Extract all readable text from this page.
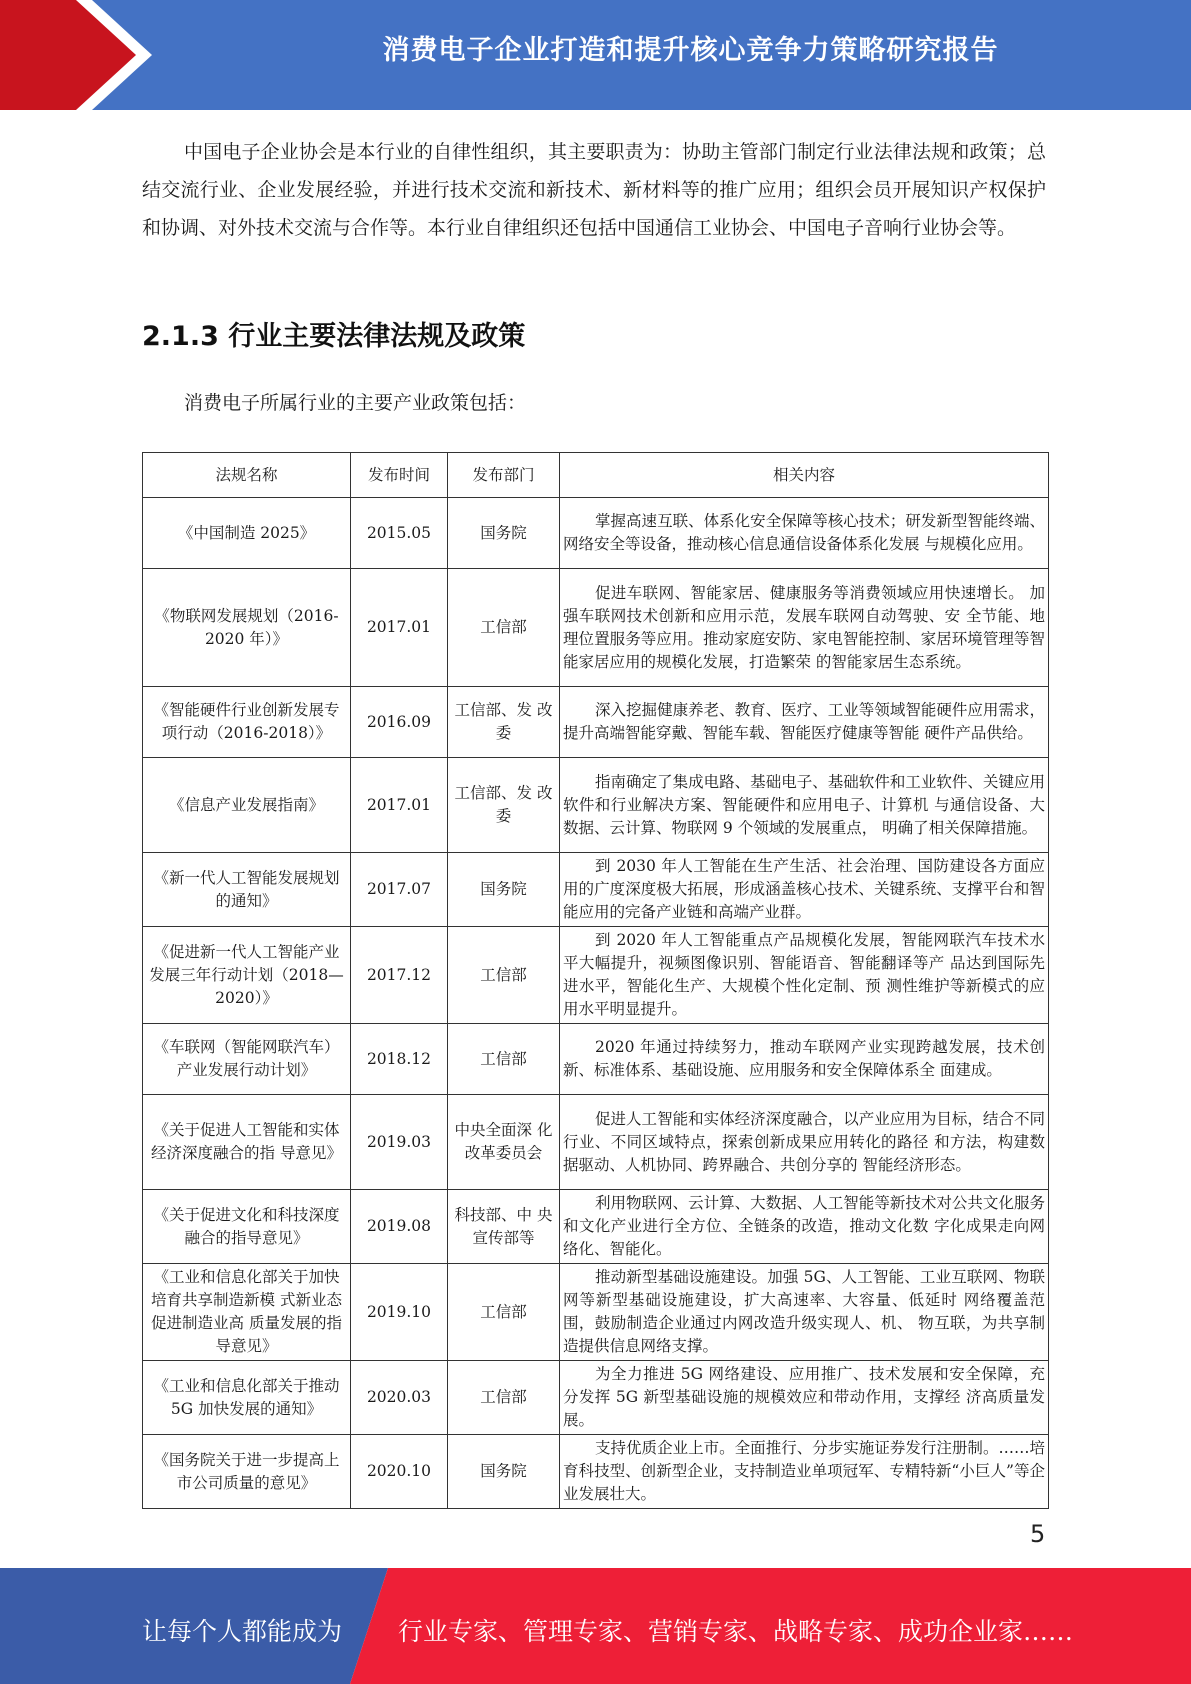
消费电子企业打造和提升核心竞争力策略研究报告
中国电子企业协会是本行业的自律性组织，其主要职责为：协助主管部门制定行业法律法规和政策；总结交流行业、企业发展经验，并进行技术交流和新技术、新材料等的推广应用；组织会员开展知识产权保护和协调、对外技术交流与合作等。本行业自律组织还包括中国通信工业协会、中国电子音响行业协会等。
2.1.3 行业主要法律法规及政策
消费电子所属行业的主要产业政策包括：
法规名称	发布时间	发布部门	相关内容
《中国制造 2025》	2015.05	国务院	掌握高速互联、体系化安全保障等核心技术；研发新型智能终端、网络安全等设备，推动核心信息通信设备体系化发展 与规模化应用。
《物联网发展规划（2016-2020 年）》	2017.01	工信部	促进车联网、智能家居、健康服务等消费领域应用快速增长。 加强车联网技术创新和应用示范，发展车联网自动驾驶、安 全节能、地理位置服务等应用。推动家庭安防、家电智能控制、家居环境管理等智能家居应用的规模化发展，打造繁荣 的智能家居生态系统。
《智能硬件行业创新发展专项行动（2016-2018）》	2016.09	工信部、发 改委	深入挖掘健康养老、教育、医疗、工业等领域智能硬件应用需求，提升高端智能穿戴、智能车载、智能医疗健康等智能 硬件产品供给。
《信息产业发展指南》	2017.01	工信部、发 改委	指南确定了集成电路、基础电子、基础软件和工业软件、关键应用软件和行业解决方案、智能硬件和应用电子、计算机 与通信设备、大数据、云计算、物联网 9 个领域的发展重点， 明确了相关保障措施。
《新一代人工智能发展规划的通知》	2017.07	国务院	到 2030 年人工智能在生产生活、社会治理、国防建设各方面应用的广度深度极大拓展，形成涵盖核心技术、关键系统、支撑平台和智能应用的完备产业链和高端产业群。
《促进新一代人工智能产业发展三年行动计划（2018—2020）》	2017.12	工信部	到 2020 年人工智能重点产品规模化发展，智能网联汽车技术水平大幅提升，视频图像识别、智能语音、智能翻译等产 品达到国际先进水平，智能化生产、大规模个性化定制、预 测性维护等新模式的应用水平明显提升。
《车联网（智能网联汽车）产业发展行动计划》	2018.12	工信部	2020 年通过持续努力，推动车联网产业实现跨越发展，技术创新、标准体系、基础设施、应用服务和安全保障体系全 面建成。
《关于促进人工智能和实体经济深度融合的指 导意见》	2019.03	中央全面深 化改革委员会	促进人工智能和实体经济深度融合，以产业应用为目标，结合不同行业、不同区域特点，探索创新成果应用转化的路径 和方法，构建数据驱动、人机协同、跨界融合、共创分享的 智能经济形态。
《关于促进文化和科技深度融合的指导意见》	2019.08	科技部、中 央宣传部等	利用物联网、云计算、大数据、人工智能等新技术对公共文化服务和文化产业进行全方位、全链条的改造，推动文化数 字化成果走向网络化、智能化。
《工业和信息化部关于加快培育共享制造新模 式新业态促进制造业高 质量发展的指导意见》	2019.10	工信部	推动新型基础设施建设。加强 5G、人工智能、工业互联网、物联网等新型基础设施建设，扩大高速率、大容量、低延时 网络覆盖范围，鼓励制造企业通过内网改造升级实现人、机、 物互联，为共享制造提供信息网络支撑。
《工业和信息化部关于推动 5G 加快发展的通知》	2020.03	工信部	为全力推进 5G 网络建设、应用推广、技术发展和安全保障，充分发挥 5G 新型基础设施的规模效应和带动作用，支撑经 济高质量发展。
《国务院关于进一步提高上市公司质量的意见》	2020.10	国务院	支持优质企业上市。全面推行、分步实施证券发行注册制。……培育科技型、创新型企业，支持制造业单项冠军、专精特新“小巨人”等企业发展壮大。
5
让每个人都能成为 行业专家、管理专家、营销专家、战略专家、成功企业家……
